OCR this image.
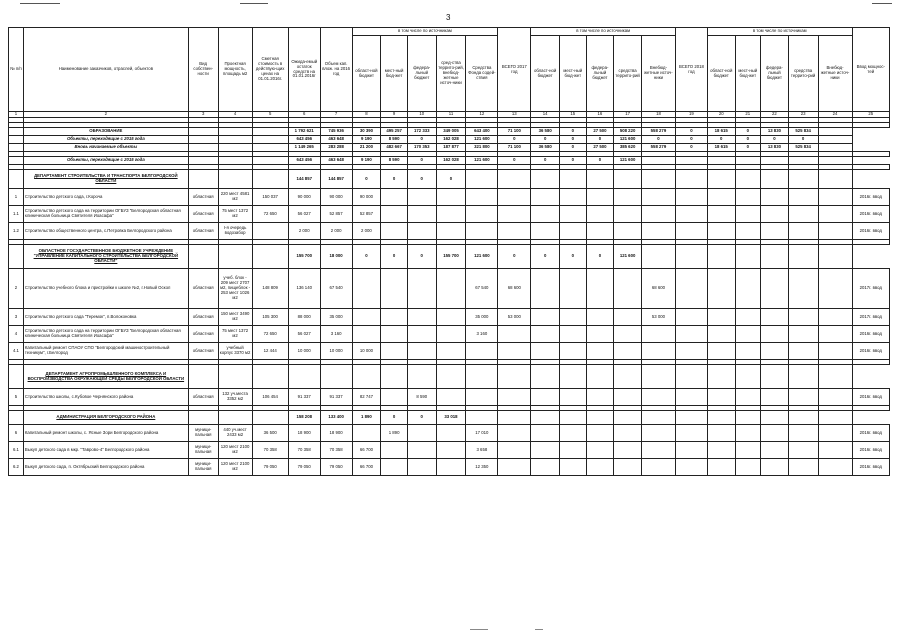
3
№ п/п	Наименование заказчиков, отраслей, объектов	Вид собствен-ности	Проектная мощность, площадь м2	Сметная стоимость в действую-щих ценах на 01.01.2016г.	Ожида-емый остаток средств на 01.01.2016г	Объем кап. влож. на 2016 год	в том числе по источникам					ВСЕГО 2017 год	в том числе по источникам					ВСЕГО 2018 год	в том числе по источникам					Ввод мощнос-тей
							област-ной бюджет	мест-ный бюд-жет	федера-льный бюджет	сред-ства террито-рий, внебюд-жетные источ-ники	Средства Фонда содей-ствия		област-ной бюджет	мест-ный бюд-жет	федера-льный бюджет	средства террито-рий	Внебюд-жетные источ-ники		област-ной бюджет	мест-ный бюд-жет	федера-льный бюджет	средства террито-рий	Внебюд-жетные источ-ники	
1	2	3	4	5	6	7	8	9	10	11	12	13	14	15	16	17	18	19	20	21	22	23	24	25

	ОБРАЗОВАНИЕ				1 792 621	745 936	30 390	495 257	172 333	349 005	643 400	71 100	36 580	0	27 500	508 220	558 279	0	18 615	0	13 830	525 834		
	Объекты, переходящие с 2015 года				643 456	463 648	9 190	8 590	0	162 028	121 600	0	0	0	0	121 600	0	0	0	0	0	0		
	Вновь начинаемые объекты				1 149 265	283 288	21 200	482 667	170 353	187 877	321 800	71 100	36 580	0	27 500	385 620	558 279	0	18 615	0	13 830	525 834		

	Объекты, переходящие с 2015 года				643 456	463 648	9 190	8 590	0	162 028	121 600	0	0	0	0	121 600								

	ДЕПАРТАМЕНТ СТРОИТЕЛЬСТВА И ТРАНСПОРТА БЕЛГОРОДСКОЙ ОБЛАСТИ				144 857	144 857	0	0	0	0														
1	Строительство детского сада, г.Короча	областная	220 мест 4581 м2	150 037	90 000	90 000	90 000																	2016г. ввод
1.1	Строительство детского сада на территории ОГБУЗ "Белгородская областная клиническая больница Святителя Иоасафа"	областная	75 мест 1372 м2	72 650	56 027	52 857	52 857																	2016г. ввод
1.2	Строительство общественного центра, с.Петровка Белгородского района	областная	I-я очередь водозабор		2 000	2 000	2 000																	2016г. ввод

	ОБЛАСТНОЕ ГОСУДАРСТВЕННОЕ БЮДЖЕТНОЕ УЧРЕЖДЕНИЕ "УПРАВЛЕНИЕ КАПИТАЛЬНОГО СТРОИТЕЛЬСТВА БЕЛГОРОДСКОЙ ОБЛАСТИ"				155 700	18 000	0	0	0	155 700	121 600	0	0	0	0	121 600								
2	Строительство учебного блока и пристройки к школе №2, г.Новый Оскол	областная	учеб. блок - 209 мест 2707 м2, пищеблок - 253 мест 1026 м2	148 809	136 140	67 540					67 540	68 600					68 600							2017г. ввод
3	Строительство детского сада "Теремок", п.Волоконовка	областная	150 мест 3490 м2	105 300	88 000	35 000					35 000	53 000					53 000							2017г. ввод
4	Строительство детского сада на территории ОГБУЗ "Белгородская областная клиническая больница Святителя Иоасафа"	областная	75 мест 1372 м2	72 650	56 027	3 160					3 160													2016г. ввод
4.1	Капитальный ремонт СПАОУ СПО "Белгородский машиностроительный техникум", г.Белгород	областная	учебный корпус 3370 м2	12 444	10 000	10 000	10 000																	2016г. ввод

	ДЕПАРТАМЕНТ АГРОПРОМЫШЛЕННОГО КОМПЛЕКСА И ВОСПРОИЗВОДСТВА ОКРУЖАЮЩЕЙ СРЕДЫ БЕЛГОРОДСКОЙ ОБЛАСТИ																							
5	Строительство школы, с.Кубовое Чернянского района	областная	132 уч.места 3352 м2	106 454	91 337	91 337	82 747		8 590															2016г. ввод

	АДМИНИСТРАЦИЯ БЕЛГОРОДСКОГО РАЙОНА				158 208	133 400	1 890	0	0	33 018														
6	Капитальный ремонт школы, с. Ясные Зори Белгородского района	муници-пальная	440 уч.мест 2433 м2	36 500	18 900	18 900		1 890			17 010													2016г. ввод
6.1	Выкуп детского сада в мкр. "Таврово-4" Белгородского района	муници-пальная	120 мест 2100 м2	70 358	70 358	70 358	66 700				3 658													2016г. ввод
6.2	Выкуп детского сада, п. Октябрьский Белгородского района	муници-пальная	120 мест 2100 м2	79 050	79 050	79 050	66 700				12 350													2016г. ввод
